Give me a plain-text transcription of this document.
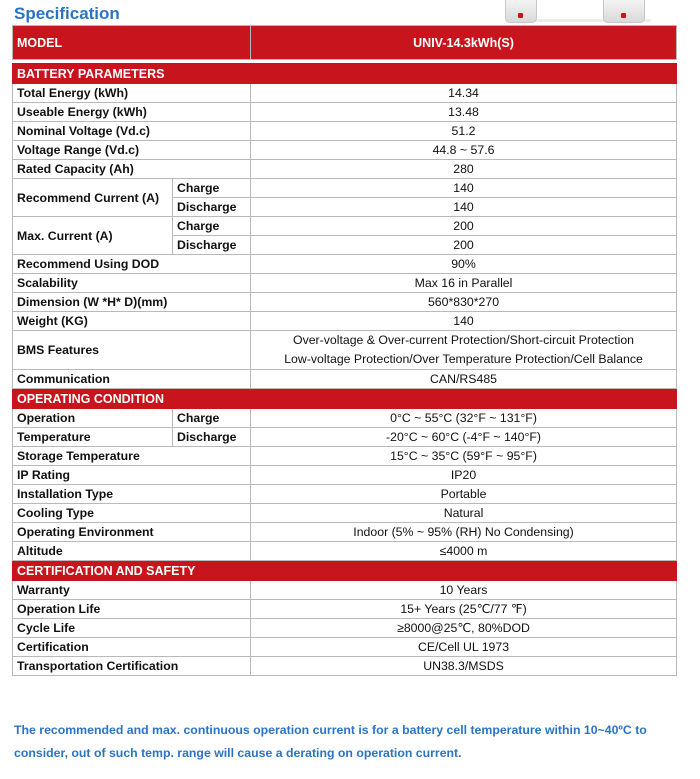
Specification
MODEL		UNIV-14.3kWh(S)

BATTERY PARAMETERS		
Total Energy (kWh)		14.34
Useable Energy (kWh)		13.48
Nominal Voltage (Vd.c)		51.2
Voltage Range (Vd.c)		44.8 ~ 57.6
Rated Capacity (Ah)		280
Recommend Current (A)	Charge	140
	Discharge	140
Max. Current (A)	Charge	200
	Discharge	200
Recommend Using DOD		90%
Scalability		Max 16 in Parallel
Dimension (W *H* D)(mm)		560*830*270
Weight (KG)		140
BMS Features		Over-voltage & Over-current Protection/Short-circuit Protection
Low-voltage Protection/Over Temperature Protection/Cell Balance

Communication		CAN/RS485
OPERATING CONDITION		
Operation	Charge	0°C ~ 55°C (32°F ~ 131°F)
Temperature	Discharge	-20°C ~ 60°C (-4°F ~ 140°F)
Storage Temperature		15°C ~ 35°C (59°F ~ 95°F)
IP Rating		IP20
Installation Type		Portable
Cooling Type		Natural
Operating Environment		Indoor (5% ~ 95% (RH) No Condensing)
Altitude		≤4000 m
CERTIFICATION AND SAFETY		
Warranty		10 Years
Operation Life		15+ Years (25℃/77 ℉)
Cycle Life		≥8000@25℃, 80%DOD
Certification		CE/Cell UL 1973
Transportation Certification		UN38.3/MSDS
The recommended and max. continuous operation current is for a battery cell temperature within 10~40ºC to consider, out of such temp. range will cause a derating on operation current.
